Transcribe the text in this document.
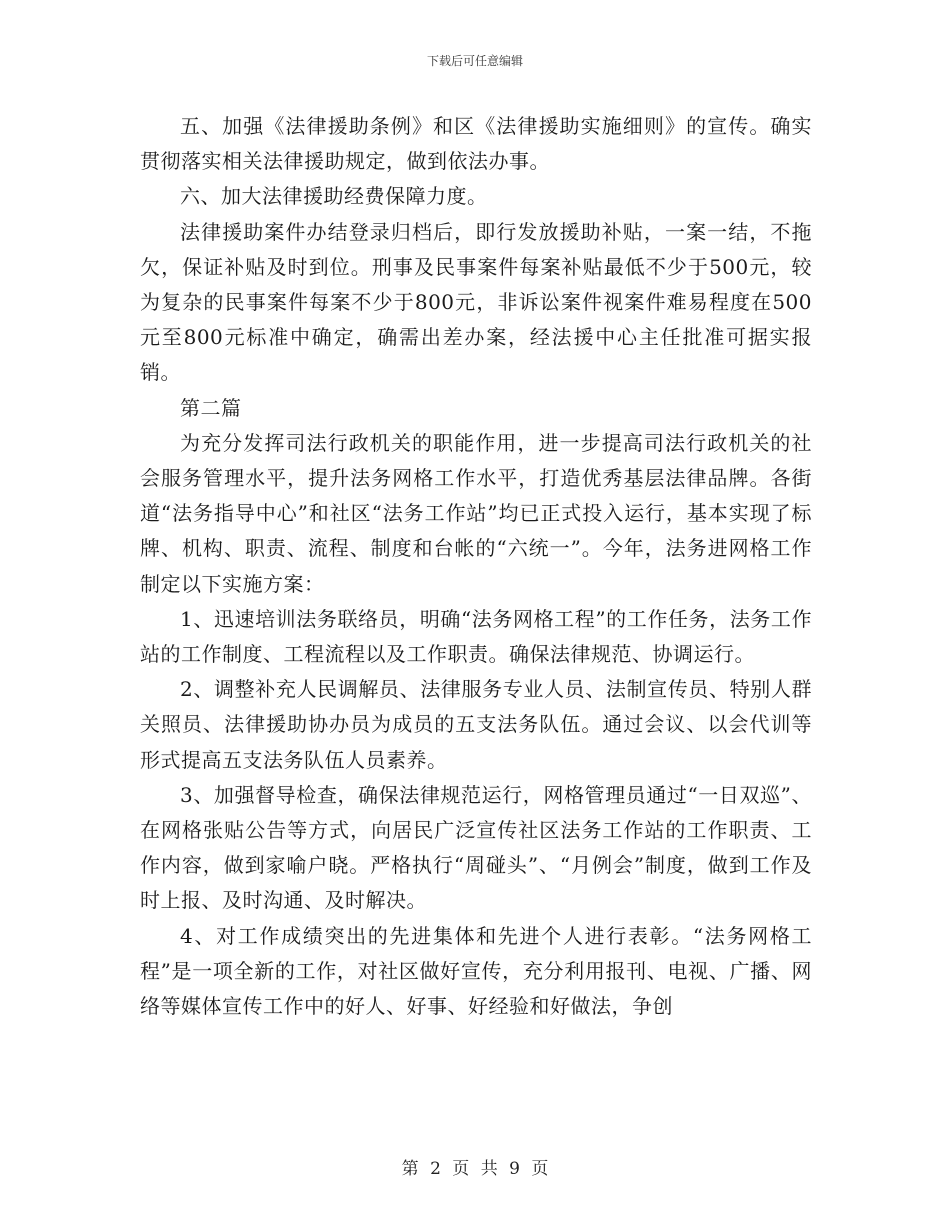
下载后可任意编辑

五、加强《法律援助条例》和区《法律援助实施细则》的宣传。确实贯彻落实相关法律援助规定，做到依法办事。

六、加大法律援助经费保障力度。

法律援助案件办结登录归档后，即行发放援助补贴，一案一结，不拖欠，保证补贴及时到位。刑事及民事案件每案补贴最低不少于500元，较为复杂的民事案件每案不少于800元，非诉讼案件视案件难易程度在500元至800元标准中确定，确需出差办案，经法援中心主任批准可据实报销。

第二篇

为充分发挥司法行政机关的职能作用，进一步提高司法行政机关的社会服务管理水平，提升法务网格工作水平，打造优秀基层法律品牌。各街道“法务指导中心”和社区“法务工作站”均已正式投入运行，基本实现了标牌、机构、职责、流程、制度和台帐的“六统一”。今年，法务进网格工作制定以下实施方案：

1、迅速培训法务联络员，明确“法务网格工程”的工作任务，法务工作站的工作制度、工程流程以及工作职责。确保法律规范、协调运行。

2、调整补充人民调解员、法律服务专业人员、法制宣传员、特别人群关照员、法律援助协办员为成员的五支法务队伍。通过会议、以会代训等形式提高五支法务队伍人员素养。

3、加强督导检查，确保法律规范运行，网格管理员通过“一日双巡”、在网格张贴公告等方式，向居民广泛宣传社区法务工作站的工作职责、工作内容，做到家喻户晓。严格执行“周碰头”、“月例会”制度，做到工作及时上报、及时沟通、及时解决。

4、对工作成绩突出的先进集体和先进个人进行表彰。“法务网格工程”是一项全新的工作，对社区做好宣传，充分利用报刊、电视、广播、网络等媒体宣传工作中的好人、好事、好经验和好做法，争创

第 2 页 共 9 页
